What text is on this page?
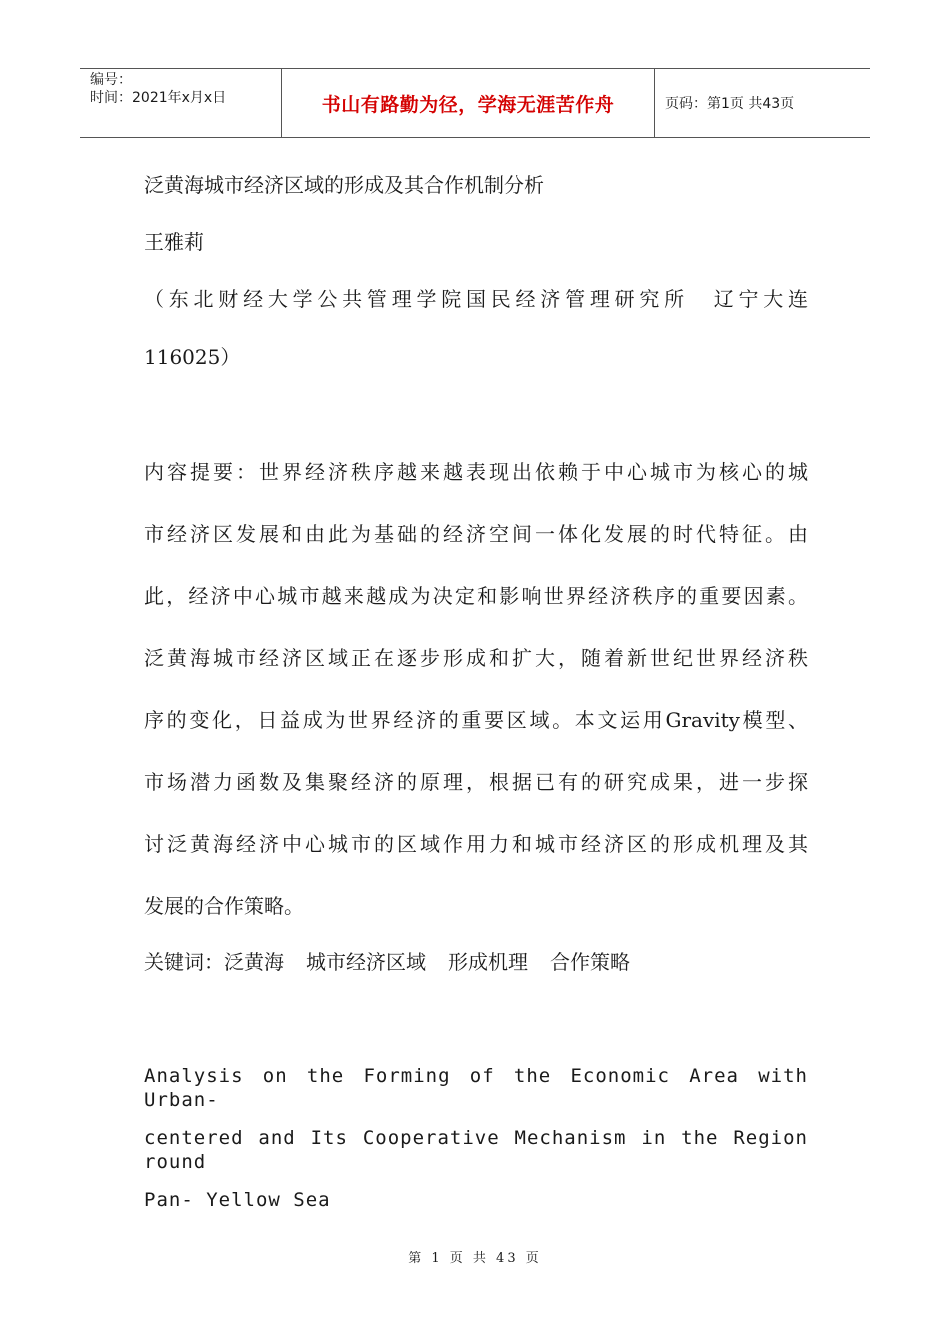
编号：
时间：2021年x月x日	书山有路勤为径，学海无涯苦作舟	页码：第1页 共43页
泛黄海城市经济区域的形成及其合作机制分析
王雅莉
（东北财经大学公共管理学院国民经济管理研究所　辽宁大连
116025）
内容提要：世界经济秩序越来越表现出依赖于中心城市为核心的城
市经济区发展和由此为基础的经济空间一体化发展的时代特征。由
此，经济中心城市越来越成为决定和影响世界经济秩序的重要因素。
泛黄海城市经济区域正在逐步形成和扩大，随着新世纪世界经济秩
序的变化，日益成为世界经济的重要区域。本文运用Gravity模型、
市场潜力函数及集聚经济的原理，根据已有的研究成果，进一步探
讨泛黄海经济中心城市的区域作用力和城市经济区的形成机理及其
发展的合作策略。
关键词：泛黄海 城市经济区域 形成机理 合作策略
Analysis on the Forming of the Economic Area with Urban-
centered and Its Cooperative Mechanism in the Region round
Pan- Yellow Sea
第 1 页 共 43 页
